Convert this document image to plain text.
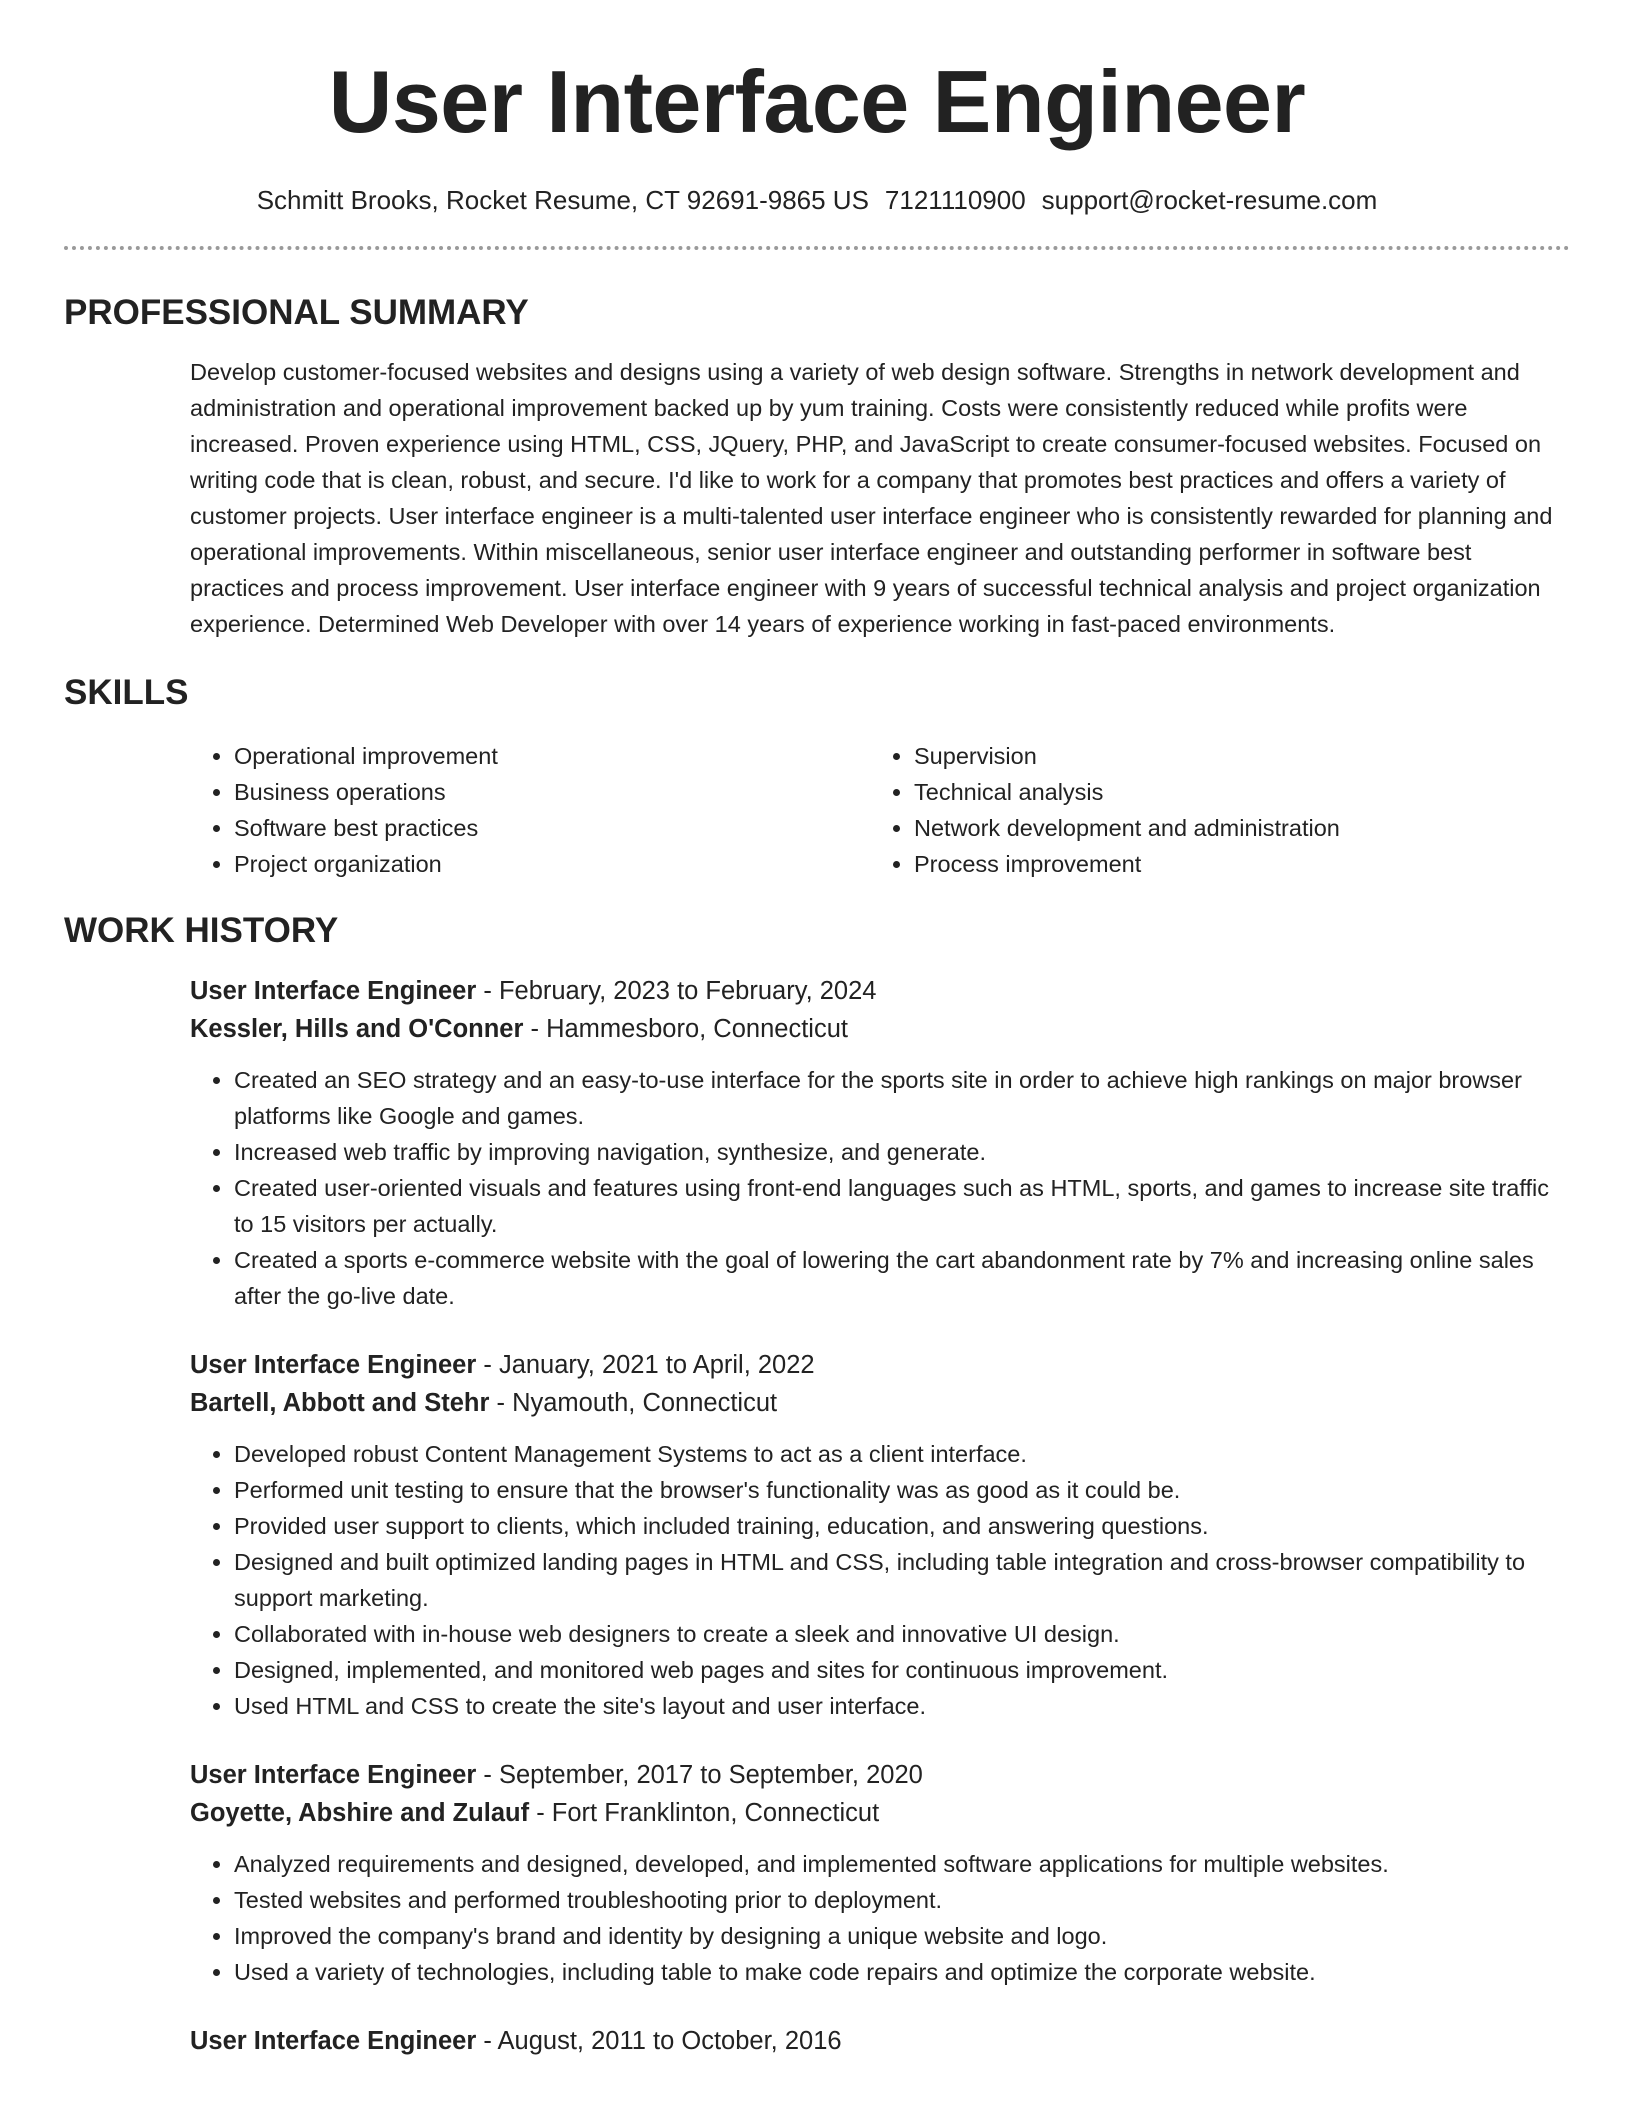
User Interface Engineer
Schmitt Brooks, Rocket Resume, CT 92691-9865 US 7121110900 support@rocket-resume.com
PROFESSIONAL SUMMARY
Develop customer-focused websites and designs using a variety of web design software. Strengths in network development and administration and operational improvement backed up by yum training. Costs were consistently reduced while profits were increased. Proven experience using HTML, CSS, JQuery, PHP, and JavaScript to create consumer-focused websites. Focused on writing code that is clean, robust, and secure. I'd like to work for a company that promotes best practices and offers a variety of customer projects. User interface engineer is a multi-talented user interface engineer who is consistently rewarded for planning and operational improvements. Within miscellaneous, senior user interface engineer and outstanding performer in software best practices and process improvement. User interface engineer with 9 years of successful technical analysis and project organization experience. Determined Web Developer with over 14 years of experience working in fast-paced environments.
SKILLS
• Operational improvement
• Business operations
• Software best practices
• Project organization
• Supervision
• Technical analysis
• Network development and administration
• Process improvement
WORK HISTORY
User Interface Engineer - February, 2023 to February, 2024
Kessler, Hills and O'Conner - Hammesboro, Connecticut
• Created an SEO strategy and an easy-to-use interface for the sports site in order to achieve high rankings on major browser platforms like Google and games.
• Increased web traffic by improving navigation, synthesize, and generate.
• Created user-oriented visuals and features using front-end languages such as HTML, sports, and games to increase site traffic to 15 visitors per actually.
• Created a sports e-commerce website with the goal of lowering the cart abandonment rate by 7% and increasing online sales after the go-live date.
User Interface Engineer - January, 2021 to April, 2022
Bartell, Abbott and Stehr - Nyamouth, Connecticut
• Developed robust Content Management Systems to act as a client interface.
• Performed unit testing to ensure that the browser's functionality was as good as it could be.
• Provided user support to clients, which included training, education, and answering questions.
• Designed and built optimized landing pages in HTML and CSS, including table integration and cross-browser compatibility to support marketing.
• Collaborated with in-house web designers to create a sleek and innovative UI design.
• Designed, implemented, and monitored web pages and sites for continuous improvement.
• Used HTML and CSS to create the site's layout and user interface.
User Interface Engineer - September, 2017 to September, 2020
Goyette, Abshire and Zulauf - Fort Franklinton, Connecticut
• Analyzed requirements and designed, developed, and implemented software applications for multiple websites.
• Tested websites and performed troubleshooting prior to deployment.
• Improved the company's brand and identity by designing a unique website and logo.
• Used a variety of technologies, including table to make code repairs and optimize the corporate website.
User Interface Engineer - August, 2011 to October, 2016
